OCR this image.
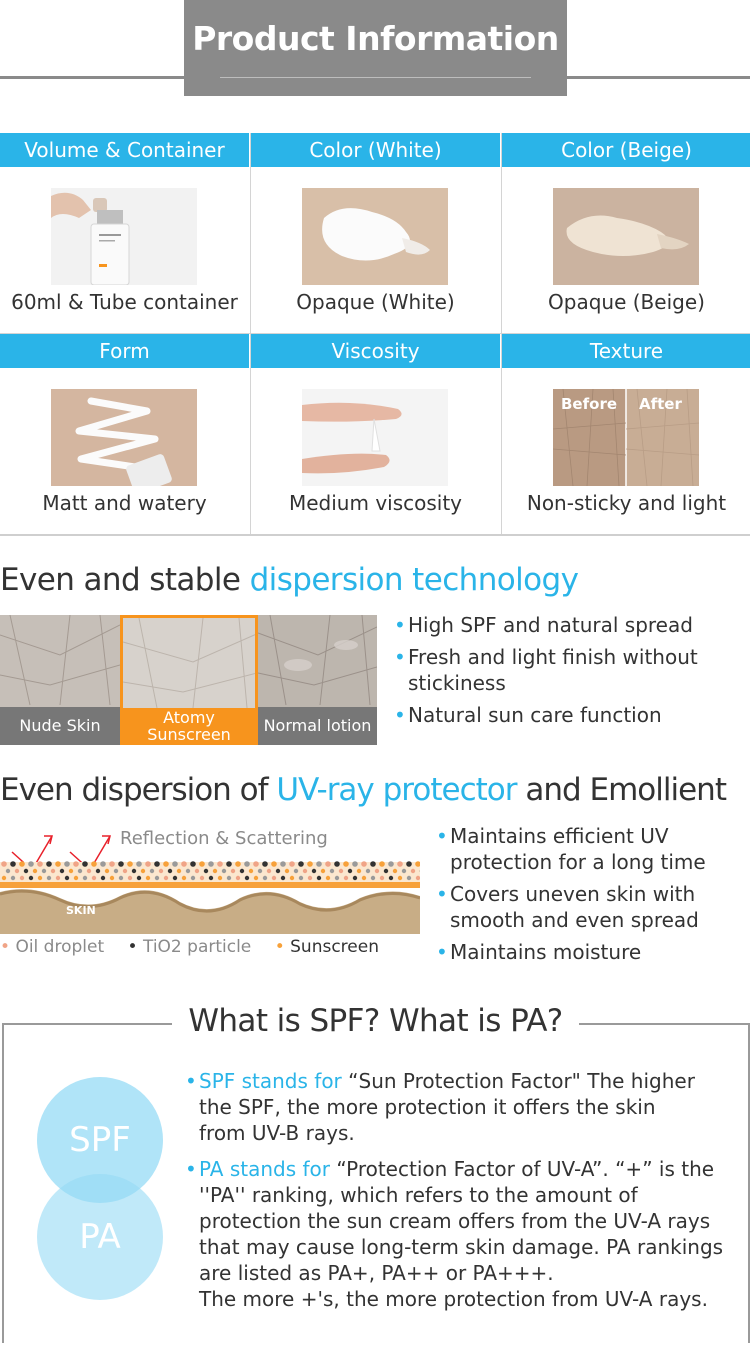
Product Information
Volume & Container
60ml & Tube container
Color (White)
Opaque (White)
Color (Beige)
Opaque (Beige)
Form
Matt and watery
Viscosity
Medium viscosity
Texture
Before After
Non-sticky and light
Even and stable dispersion technology
Nude Skin	Atomy Sunscreen	Normal lotion
• High SPF and natural spread
• Fresh and light finish without stickiness
• Natural sun care function
Even dispersion of UV-ray protector and Emollient
Reflection & Scattering
SKIN
• Oil droplet • TiO2 particle • Sunscreen
• Maintains efficient UV protection for a long time
• Covers uneven skin with smooth and even spread
• Maintains moisture
What is SPF? What is PA?
SPF
PA
• SPF stands for “Sun Protection Factor" The higher the SPF, the more protection it offers the skin from UV-B rays.
• PA stands for “Protection Factor of UV-A”. “+” is the ''PA'' ranking, which refers to the amount of protection the sun cream offers from the UV-A rays that may cause long-term skin damage. PA rankings are listed as PA+, PA++ or PA+++.
The more +'s, the more protection from UV-A rays.
